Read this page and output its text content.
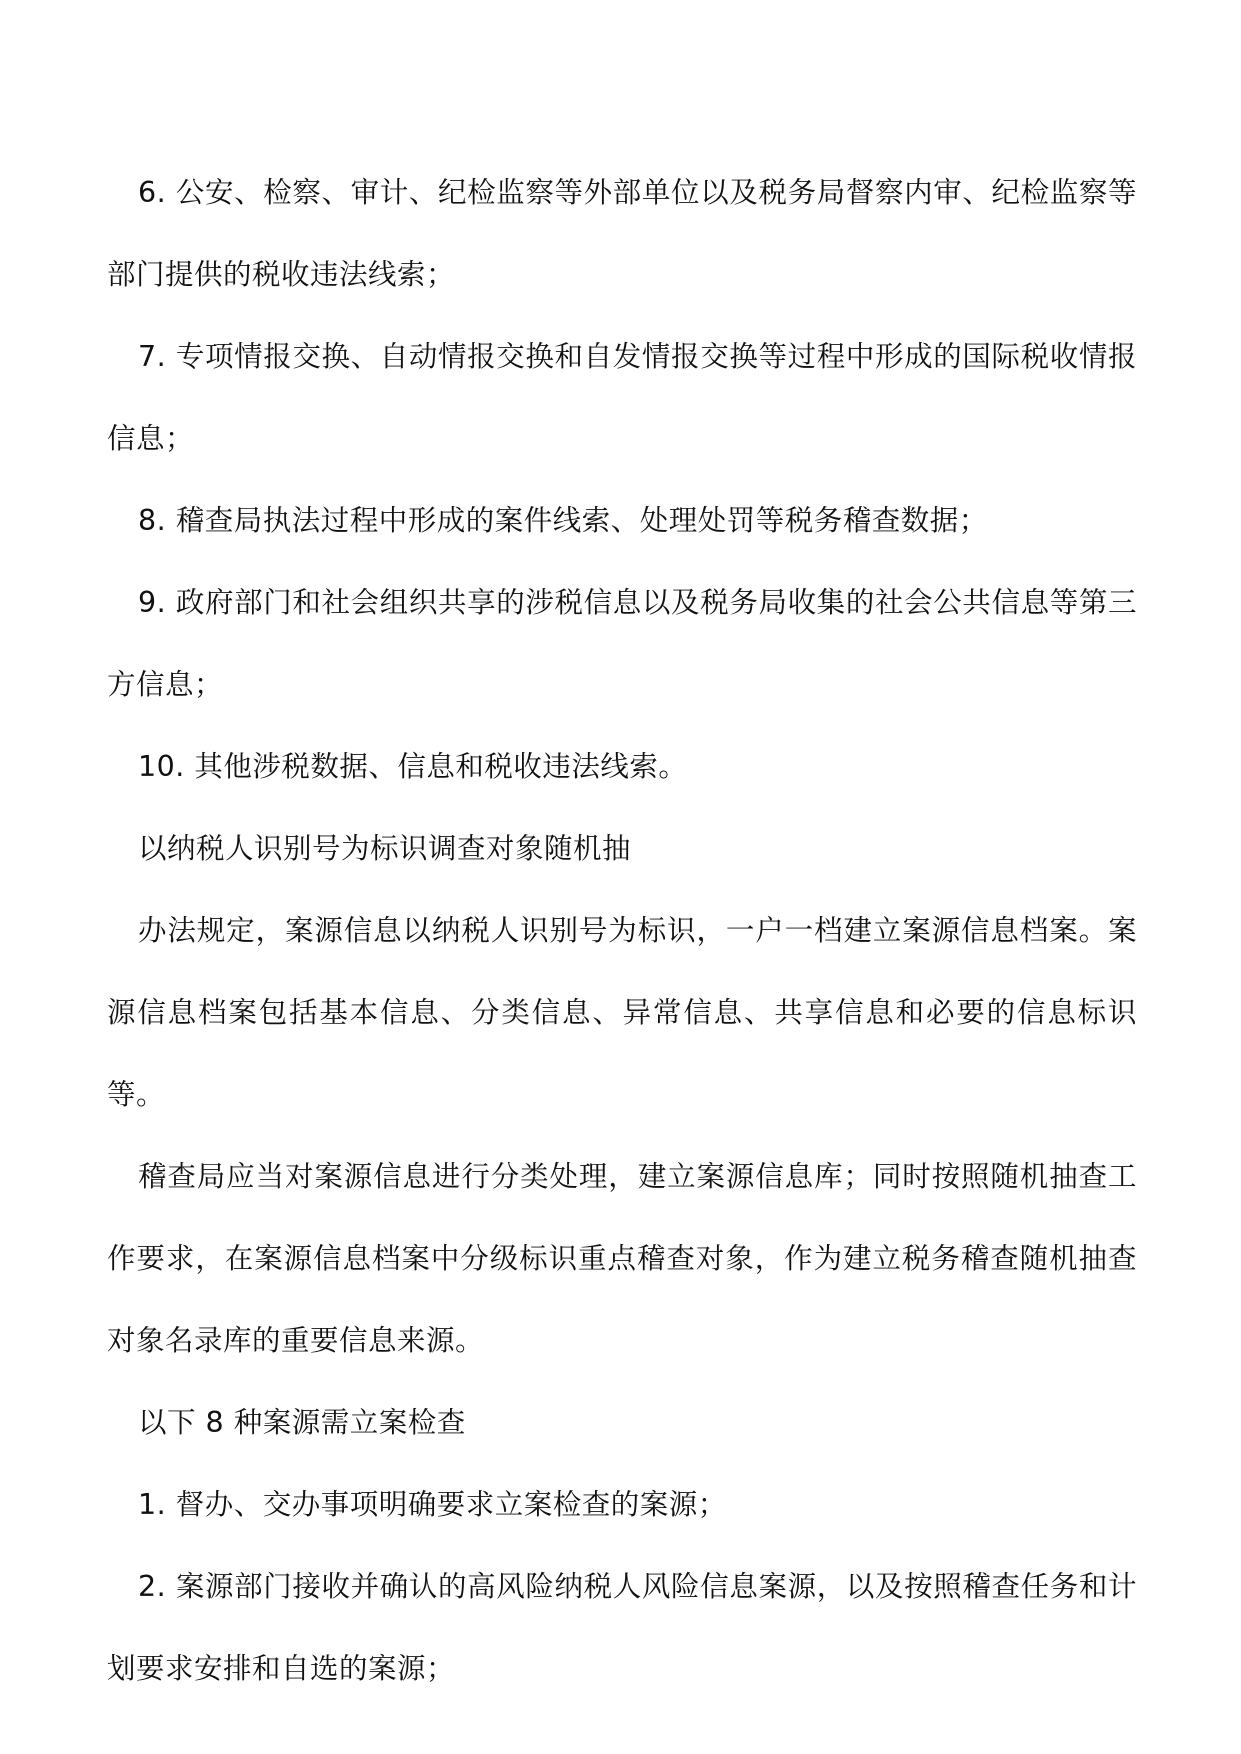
6. 公安、检察、审计、纪检监察等外部单位以及税务局督察内审、纪检监察等部门提供的税收违法线索；

7. 专项情报交换、自动情报交换和自发情报交换等过程中形成的国际税收情报信息；

8. 稽查局执法过程中形成的案件线索、处理处罚等税务稽查数据；

9. 政府部门和社会组织共享的涉税信息以及税务局收集的社会公共信息等第三方信息；

10. 其他涉税数据、信息和税收违法线索。

以纳税人识别号为标识调查对象随机抽

办法规定，案源信息以纳税人识别号为标识，一户一档建立案源信息档案。案源信息档案包括基本信息、分类信息、异常信息、共享信息和必要的信息标识等。

稽查局应当对案源信息进行分类处理，建立案源信息库；同时按照随机抽查工作要求，在案源信息档案中分级标识重点稽查对象，作为建立税务稽查随机抽查对象名录库的重要信息来源。

以下 8 种案源需立案检查

1. 督办、交办事项明确要求立案检查的案源；

2. 案源部门接收并确认的高风险纳税人风险信息案源，以及按照稽查任务和计划要求安排和自选的案源；
